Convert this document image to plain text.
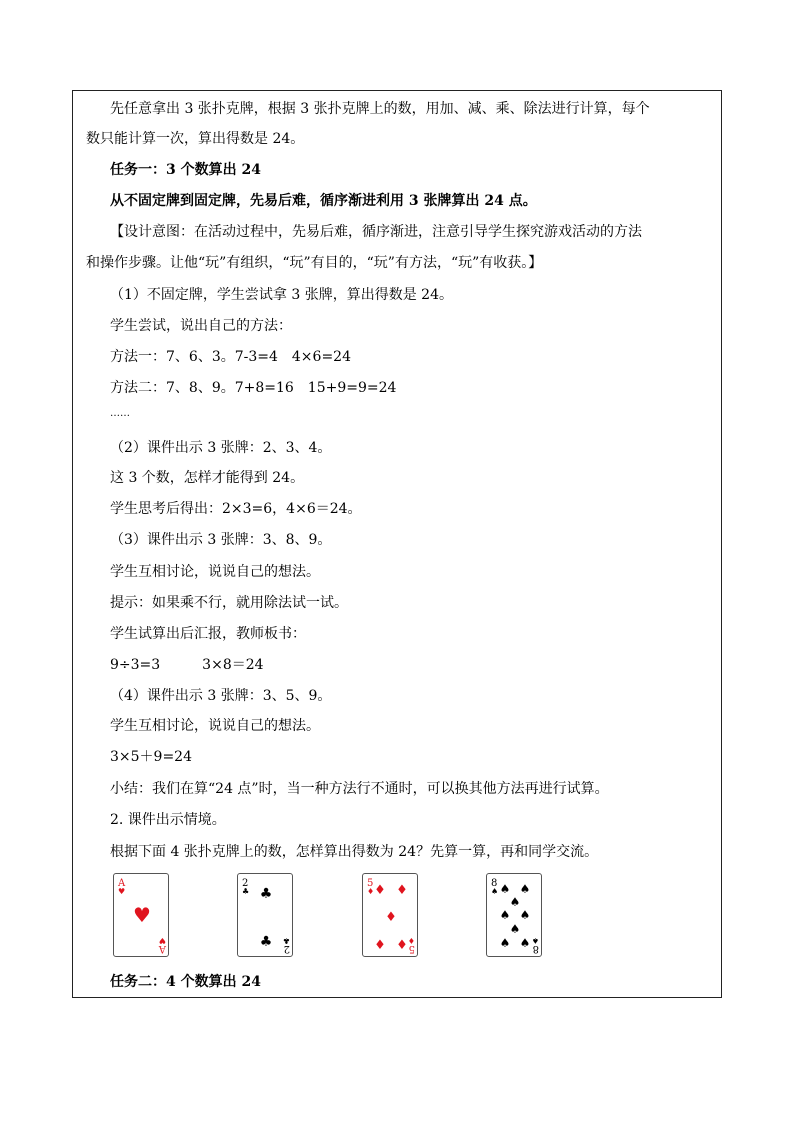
先任意拿出 3 张扑克牌，根据 3 张扑克牌上的数，用加、减、乘、除法进行计算，每个
数只能计算一次，算出得数是 24。
任务一：3 个数算出 24
从不固定牌到固定牌，先易后难，循序渐进利用 3 张牌算出 24 点。
【设计意图：在活动过程中，先易后难，循序渐进，注意引导学生探究游戏活动的方法
和操作步骤。让他“玩”有组织，“玩”有目的，“玩”有方法，“玩”有收获。】
（1）不固定牌，学生尝试拿 3 张牌，算出得数是 24。
学生尝试，说出自己的方法：
方法一：7、6、3。7-3=4　4×6=24
方法二：7、8、9。7+8=16　15+9=9=24
……
（2）课件出示 3 张牌：2、3、4。
这 3 个数，怎样才能得到 24。
学生思考后得出：2×3=6，4×6＝24。
（3）课件出示 3 张牌：3、8、9。
学生互相讨论，说说自己的想法。
提示：如果乘不行，就用除法试一试。
学生试算出后汇报，教师板书：
9÷3=3　　　3×8＝24
（4）课件出示 3 张牌：3、5、9。
学生互相讨论，说说自己的想法。
3×5＋9=24
小结：我们在算“24 点”时，当一种方法行不通时，可以换其他方法再进行试算。
2. 课件出示情境。
根据下面 4 张扑克牌上的数，怎样算出得数为 24？先算一算，再和同学交流。
A
♥
♥
A
♥
2
♣ ♣
♣ 2
♣
5
♦ ♦ ♦
♦
♦ ♦ 5
♦
8
♠ ♠ ♠
♠
♠ ♠
♠
♠ ♠ 8
♠
任务二：4 个数算出 24
